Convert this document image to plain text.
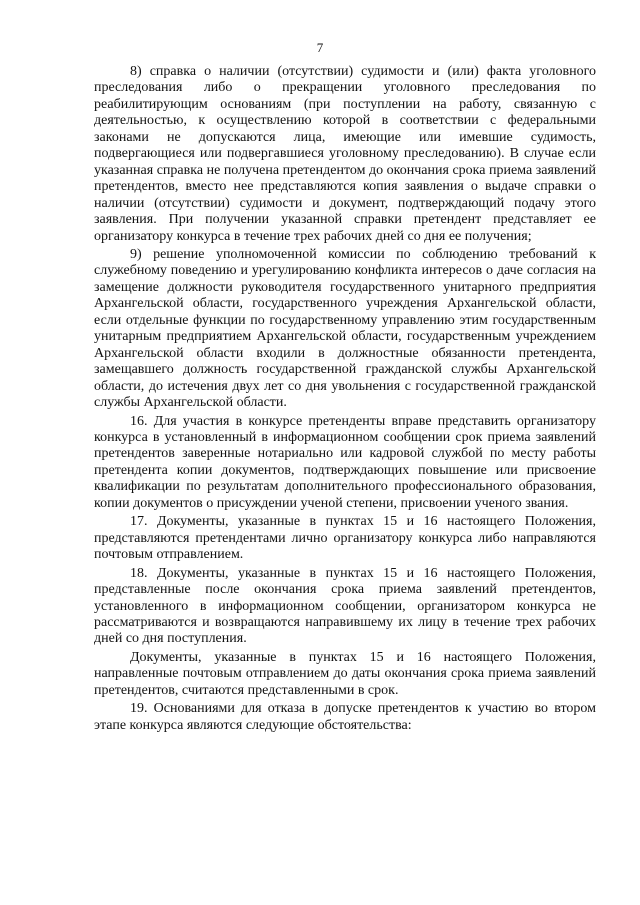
7

8) справка о наличии (отсутствии) судимости и (или) факта уголовного преследования либо о прекращении уголовного преследования по реабилитирующим основаниям (при поступлении на работу, связанную с деятельностью, к осуществлению которой в соответствии с федеральными законами не допускаются лица, имеющие или имевшие судимость, подвергающиеся или подвергавшиеся уголовному преследованию). В случае если указанная справка не получена претендентом до окончания срока приема заявлений претендентов, вместо нее представляются копия заявления о выдаче справки о наличии (отсутствии) судимости и документ, подтверждающий подачу этого заявления. При получении указанной справки претендент представляет ее организатору конкурса в течение трех рабочих дней со дня ее получения;

9) решение уполномоченной комиссии по соблюдению требований к служебному поведению и урегулированию конфликта интересов о даче согласия на замещение должности руководителя государственного унитарного предприятия Архангельской области, государственного учреждения Архангельской области, если отдельные функции по государственному управлению этим государственным унитарным предприятием Архангельской области, государственным учреждением Архангельской области входили в должностные обязанности претендента, замещавшего должность государственной гражданской службы Архангельской области, до истечения двух лет со дня увольнения с государственной гражданской службы Архангельской области.

16. Для участия в конкурсе претенденты вправе представить организатору конкурса в установленный в информационном сообщении срок приема заявлений претендентов заверенные нотариально или кадровой службой по месту работы претендента копии документов, подтверждающих повышение или присвоение квалификации по результатам дополнительного профессионального образования, копии документов о присуждении ученой степени, присвоении ученого звания.

17. Документы, указанные в пунктах 15 и 16 настоящего Положения, представляются претендентами лично организатору конкурса либо направляются почтовым отправлением.

18. Документы, указанные в пунктах 15 и 16 настоящего Положения, представленные после окончания срока приема заявлений претендентов, установленного в информационном сообщении, организатором конкурса не рассматриваются и возвращаются направившему их лицу в течение трех рабочих дней со дня поступления.

Документы, указанные в пунктах 15 и 16 настоящего Положения, направленные почтовым отправлением до даты окончания срока приема заявлений претендентов, считаются представленными в срок.

19. Основаниями для отказа в допуске претендентов к участию во втором этапе конкурса являются следующие обстоятельства:
